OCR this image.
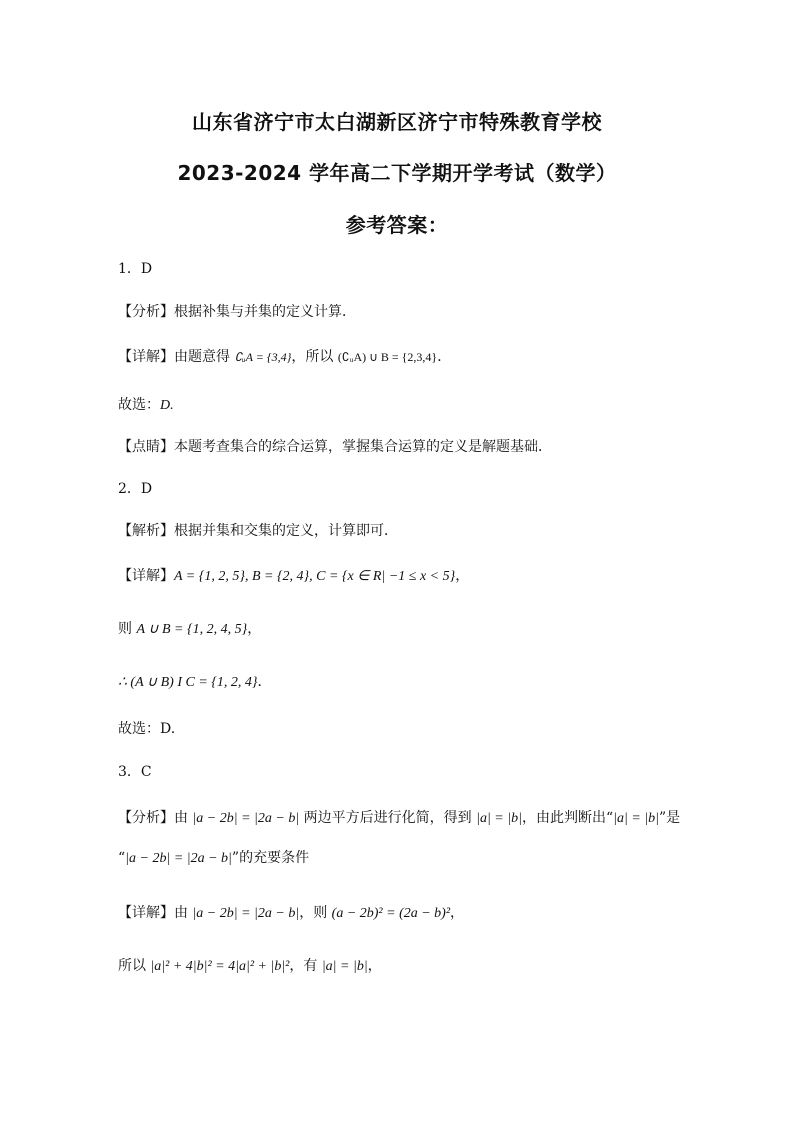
山东省济宁市太白湖新区济宁市特殊教育学校
2023-2024 学年高二下学期开学考试（数学）
参考答案：
1．D
【分析】根据补集与并集的定义计算．
【详解】由题意得 ∁ᵤA = {3,4}，所以 (∁ᵤA) ∪ B = {2,3,4}．
故选：D.
【点睛】本题考查集合的综合运算，掌握集合运算的定义是解题基础．
2．D
【解析】根据并集和交集的定义，计算即可．
【详解】A = {1, 2, 5}, B = {2, 4}, C = {x ∈ R| −1 ≤ x < 5}，
则 A ∪ B = {1, 2, 4, 5}，
∴ (A ∪ B) I C = {1, 2, 4}．
故选：D.
3．C
【分析】由 |a − 2b| = |2a − b| 两边平方后进行化简，得到 |a| = |b|，由此判断出“|a| = |b|”是
“|a − 2b| = |2a − b|”的充要条件
【详解】由 |a − 2b| = |2a − b|，则 (a − 2b)² = (2a − b)²，
所以 |a|² + 4|b|² = 4|a|² + |b|²，有 |a| = |b|，
